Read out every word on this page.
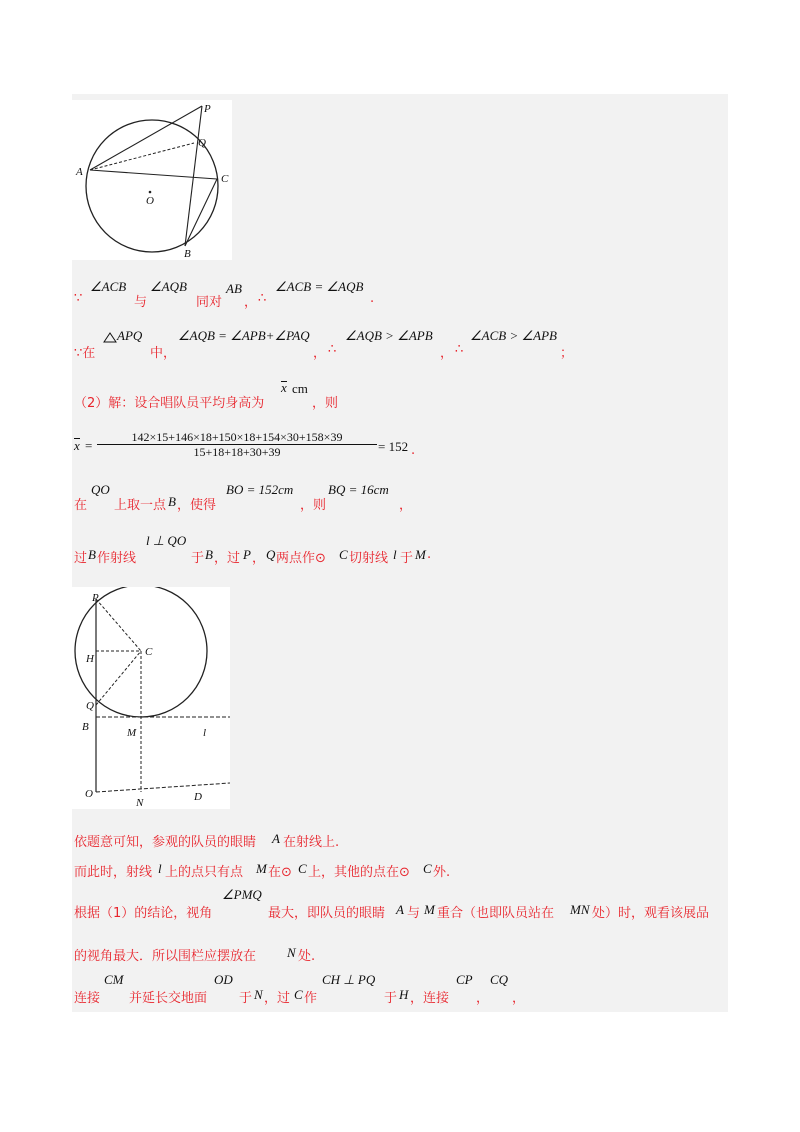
P
Q
A
C
O
B
∵
∠ACB
与
∠AQB
同对
AB
， ∴
∠ACB = ∠AQB
.
∵在
APQ
中，
∠AQB = ∠APB+∠PAQ
， ∴
∠AQB > ∠APB
， ∴
∠ACB > ∠APB
；
（2）解：设合唱队员平均身高为
x cm
，则
x =
142×15+146×18+150×18+154×30+158×39
15+18+18+30+39	= 152 .
在
QO
上取一点 B ，使得
BO = 152cm
，则
BQ = 16cm
，
过 B 作射线
l ⊥ QO
于 B ，过 P ， Q 两点作⊙ C 切射线 l 于 M .
P
H
C
Q
B	M	l
O
N	D
依题意可知，参观的队员的眼睛 A 在射线上.
而此时，射线 l 上的点只有点 M 在⊙ C 上，其他的点在⊙ C 外.
根据（1）的结论，视角
∠PMQ
最大，即队员的眼睛 A 与 M 重合（也即队员站在 MN 处）时，观看该展品
的视角最大．所以围栏应摆放在 N 处.
连接
CM
并延长交地面
OD
于 N ，过 C 作
CH ⊥ PQ
于 H ，连接
CP
，
CQ
，
